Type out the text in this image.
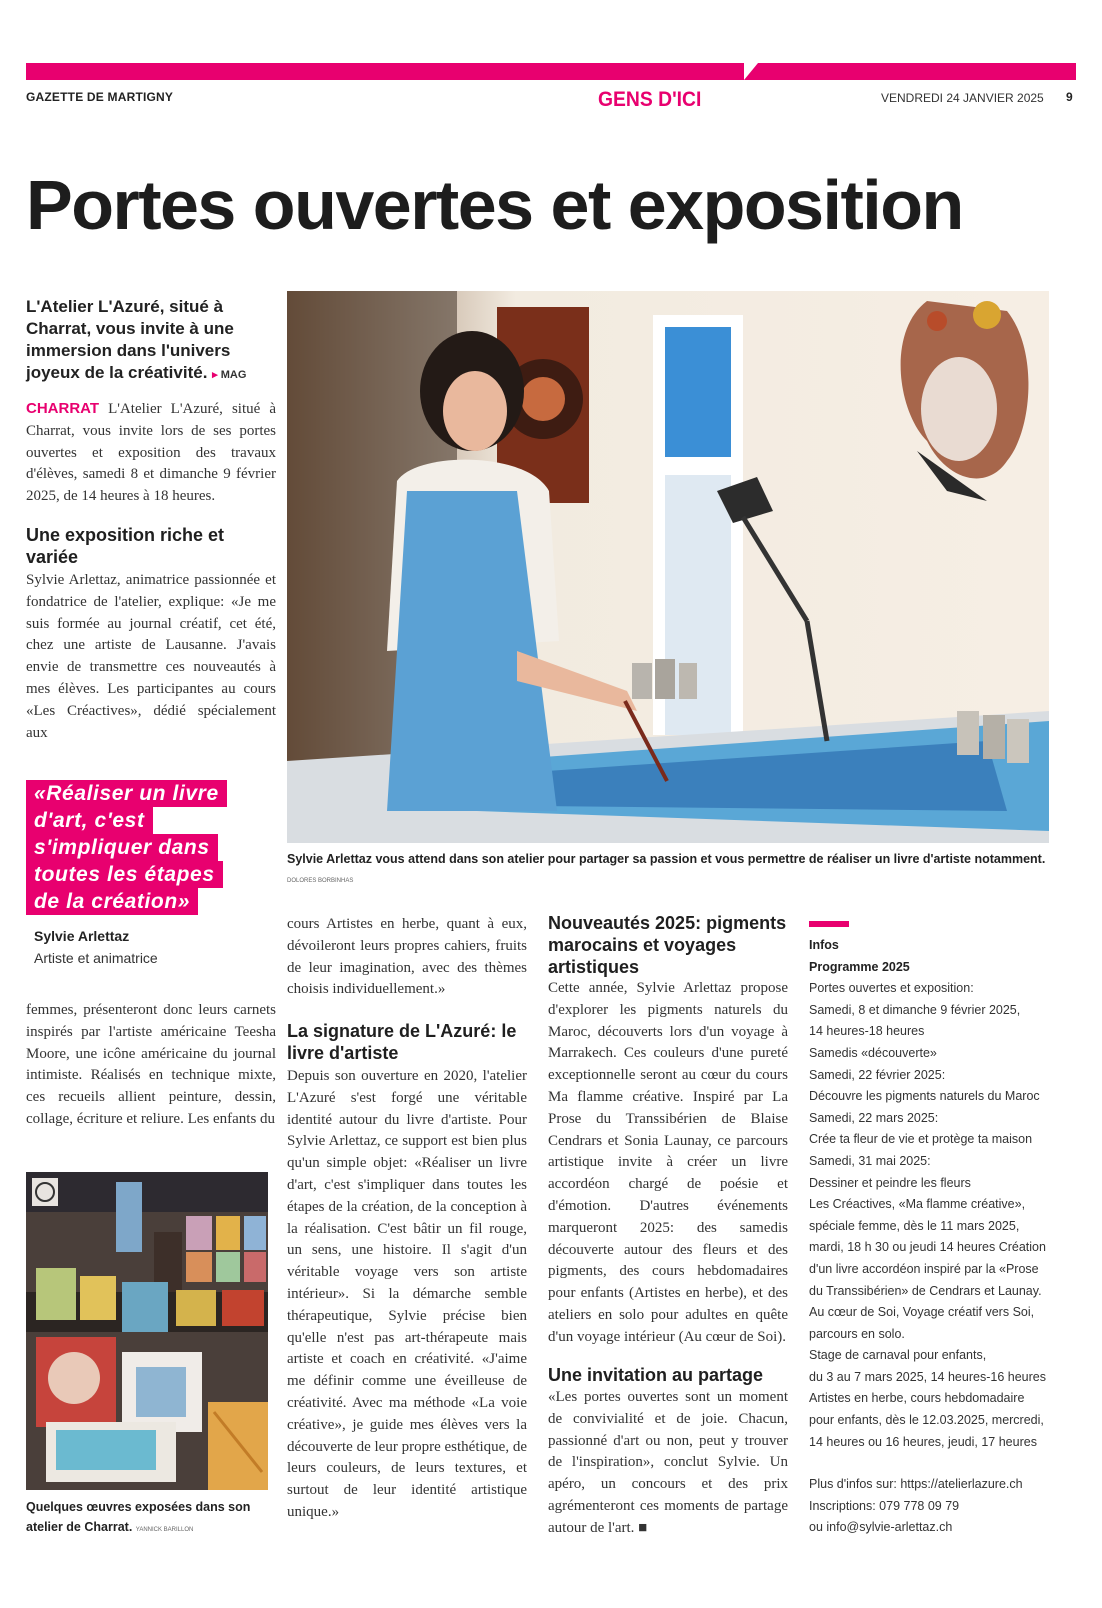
GAZETTE DE MARTIGNY	GENS D'ICI	VENDREDI 24 JANVIER 2025 9
Portes ouvertes et exposition
L'Atelier L'Azuré, situé à Charrat, vous invite à une immersion dans l'univers joyeux de la créativité. ▸ MAG
CHARRAT L'Atelier L'Azuré, situé à Charrat, vous invite lors de ses portes ouvertes et exposition des travaux d'élèves, samedi 8 et dimanche 9 février 2025, de 14 heures à 18 heures.
Une exposition riche et variée
Sylvie Arlettaz, animatrice passionnée et fondatrice de l'atelier, explique: «Je me suis formée au journal créatif, cet été, chez une artiste de Lausanne. J'avais envie de transmettre ces nouveautés à mes élèves. Les participantes au cours «Les Créactives», dédié spécialement aux
«Réaliser un livre
d'art, c'est
s'impliquer dans
toutes les étapes
de la création»
Sylvie Arlettaz
Artiste et animatrice
femmes, présenteront donc leurs carnets inspirés par l'artiste américaine Teesha Moore, une icône américaine du journal intimiste. Réalisés en technique mixte, ces recueils allient peinture, dessin, collage, écriture et reliure. Les enfants du
Quelques œuvres exposées dans son atelier de Charrat. YANNICK BARILLON
Sylvie Arlettaz vous attend dans son atelier pour partager sa passion et vous permettre de réaliser un livre d'artiste notamment.
DOLORES BORBINHAS
cours Artistes en herbe, quant à eux, dévoileront leurs propres cahiers, fruits de leur imagination, avec des thèmes choisis individuellement.»
La signature de L'Azuré: le livre d'artiste
Depuis son ouverture en 2020, l'atelier L'Azuré s'est forgé une véritable identité autour du livre d'artiste. Pour Sylvie Arlettaz, ce support est bien plus qu'un simple objet: «Réaliser un livre d'art, c'est s'impliquer dans toutes les étapes de la création, de la conception à la réalisation. C'est bâtir un fil rouge, un sens, une histoire. Il s'agit d'un véritable voyage vers son artiste intérieur». Si la démarche semble thérapeutique, Sylvie précise bien qu'elle n'est pas art-thérapeute mais artiste et coach en créativité. «J'aime me définir comme une éveilleuse de créativité. Avec ma méthode «La voie créative», je guide mes élèves vers la découverte de leur propre esthétique, de leurs couleurs, de leurs textures, et surtout de leur identité artistique unique.»
Nouveautés 2025: pigments marocains et voyages artistiques
Cette année, Sylvie Arlettaz propose d'explorer les pigments naturels du Maroc, découverts lors d'un voyage à Marrakech. Ces couleurs d'une pureté exceptionnelle seront au cœur du cours Ma flamme créative. Inspiré par La Prose du Transsibérien de Blaise Cendrars et Sonia Launay, ce parcours artistique invite à créer un livre accordéon chargé de poésie et d'émotion. D'autres événements marqueront 2025: des samedis découverte autour des fleurs et des pigments, des cours hebdomadaires pour enfants (Artistes en herbe), et des ateliers en solo pour adultes en quête d'un voyage intérieur (Au cœur de Soi).
Une invitation au partage
«Les portes ouvertes sont un moment de convivialité et de joie. Chacun, passionné d'art ou non, peut y trouver de l'inspiration», conclut Sylvie. Un apéro, un concours et des prix agrémenteront ces moments de partage autour de l'art. ■
Infos
Programme 2025
Portes ouvertes et exposition:
Samedi, 8 et dimanche 9 février 2025,
14 heures-18 heures
Samedis «découverte»
Samedi, 22 février 2025:
Découvre les pigments naturels du Maroc
Samedi, 22 mars 2025:
Crée ta fleur de vie et protège ta maison
Samedi, 31 mai 2025:
Dessiner et peindre les fleurs
Les Créactives, «Ma flamme créative»,
spéciale femme, dès le 11 mars 2025,
mardi, 18 h 30 ou jeudi 14 heures Création
d'un livre accordéon inspiré par la «Prose
du Transsibérien» de Cendrars et Launay.
Au cœur de Soi, Voyage créatif vers Soi,
parcours en solo.
Stage de carnaval pour enfants,
du 3 au 7 mars 2025, 14 heures-16 heures
Artistes en herbe, cours hebdomadaire
pour enfants, dès le 12.03.2025, mercredi,
14 heures ou 16 heures, jeudi, 17 heures
Plus d'infos sur: https://atelierlazure.ch
Inscriptions: 079 778 09 79
ou info@sylvie-arlettaz.ch
